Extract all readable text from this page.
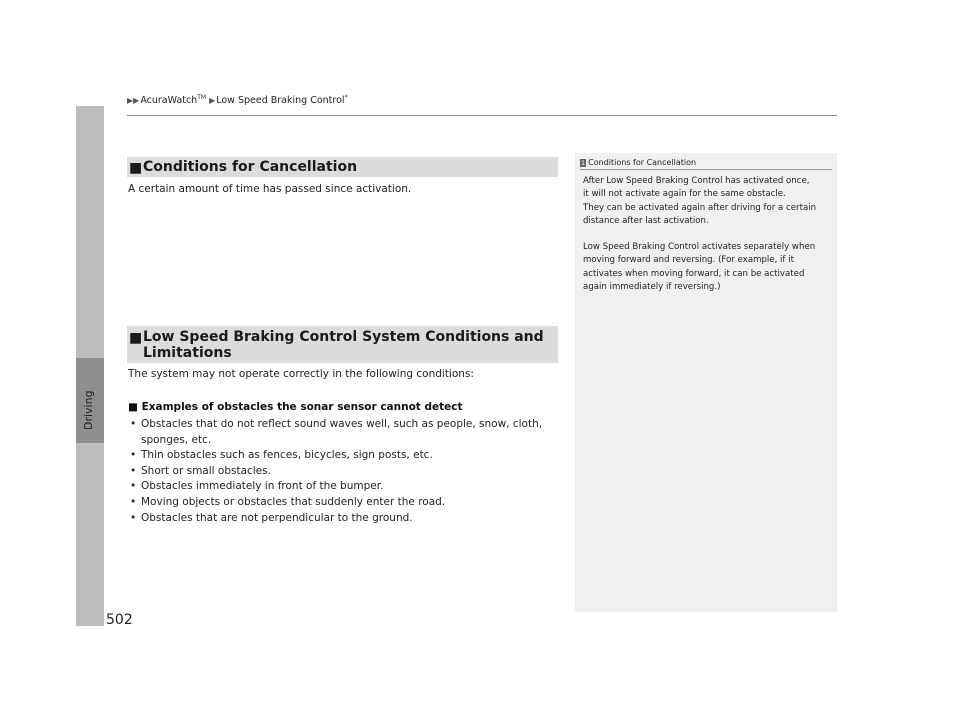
Driving
▶▶AcuraWatch™ ▶Low Speed Braking Control*
■ Conditions for Cancellation
A certain amount of time has passed since activation.
■ Low Speed Braking Control System Conditions and
Limitations
The system may not operate correctly in the following conditions:
■ Examples of obstacles the sonar sensor cannot detect
• Obstacles that do not reflect sound waves well, such as people, snow, cloth,
sponges, etc.
• Thin obstacles such as fences, bicycles, sign posts, etc.
• Short or small obstacles.
• Obstacles immediately in front of the bumper.
• Moving objects or obstacles that suddenly enter the road.
• Obstacles that are not perpendicular to the ground.
1 Conditions for Cancellation
After Low Speed Braking Control has activated once,
it will not activate again for the same obstacle.
They can be activated again after driving for a certain
distance after last activation.
Low Speed Braking Control activates separately when
moving forward and reversing. (For example, if it
activates when moving forward, it can be activated
again immediately if reversing.)
502
